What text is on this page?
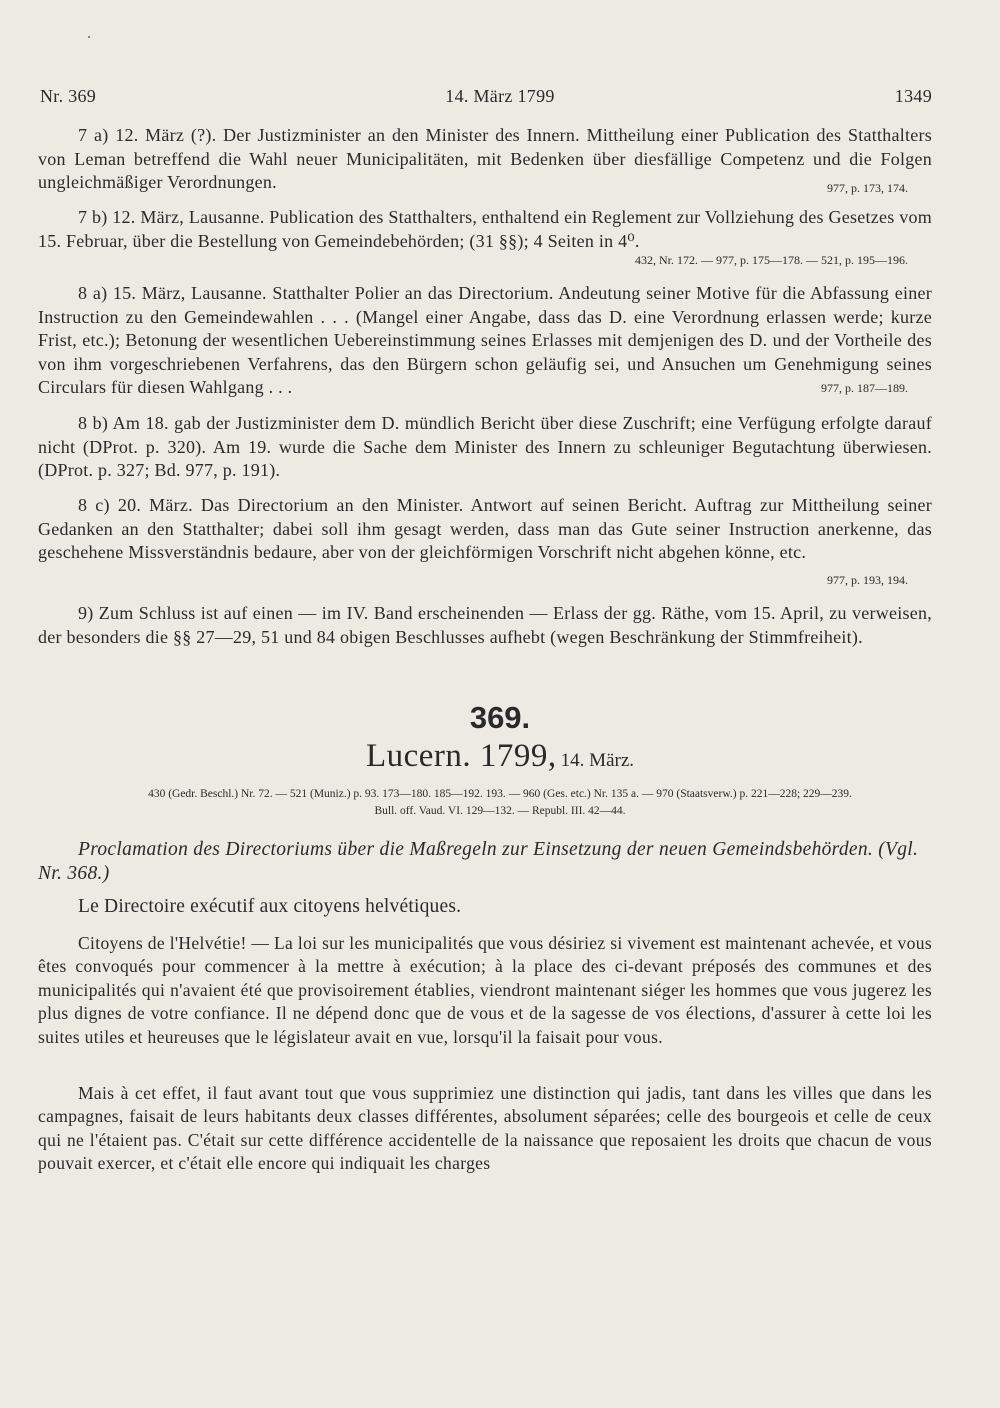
Nr. 369	14. März 1799	1349
7 a) 12. März (?). Der Justizminister an den Minister des Innern. Mittheilung einer Publication des Statthalters von Leman betreffend die Wahl neuer Municipalitäten, mit Bedenken über diesfällige Competenz und die Folgen ungleichmäßiger Verordnungen.	977, p. 173, 174.
7 b) 12. März, Lausanne. Publication des Statthalters, enthaltend ein Reglement zur Vollziehung des Gesetzes vom 15. Februar, über die Bestellung von Gemeindebehörden; (31 §§); 4 Seiten in 4⁰.
432, Nr. 172. — 977, p. 175—178. — 521, p. 195—196.
8 a) 15. März, Lausanne. Statthalter Polier an das Directorium. Andeutung seiner Motive für die Abfassung einer Instruction zu den Gemeindewahlen . . . (Mangel einer Angabe, dass das D. eine Verordnung erlassen werde; kurze Frist, etc.); Betonung der wesentlichen Uebereinstimmung seines Erlasses mit demjenigen des D. und der Vortheile des von ihm vorgeschriebenen Verfahrens, das den Bürgern schon geläufig sei, und Ansuchen um Genehmigung seines Circulars für diesen Wahlgang . . .	977, p. 187—189.
8 b) Am 18. gab der Justizminister dem D. mündlich Bericht über diese Zuschrift; eine Verfügung erfolgte darauf nicht (DProt. p. 320). Am 19. wurde die Sache dem Minister des Innern zu schleuniger Begutachtung überwiesen. (DProt. p. 327; Bd. 977, p. 191).
8 c) 20. März. Das Directorium an den Minister. Antwort auf seinen Bericht. Auftrag zur Mittheilung seiner Gedanken an den Statthalter; dabei soll ihm gesagt werden, dass man das Gute seiner Instruction anerkenne, das geschehene Missverständnis bedaure, aber von der gleichförmigen Vorschrift nicht abgehen könne, etc.
977, p. 193, 194.
9) Zum Schluss ist auf einen — im IV. Band erscheinenden — Erlass der gg. Räthe, vom 15. April, zu verweisen, der besonders die §§ 27—29, 51 und 84 obigen Beschlusses aufhebt (wegen Beschränkung der Stimmfreiheit).
369.
Lucern. 1799, 14. März.
430 (Gedr. Beschl.) Nr. 72. — 521 (Muniz.) p. 93. 173—180. 185—192. 193. — 960 (Ges. etc.) Nr. 135 a. — 970 (Staatsverw.) p. 221—228; 229—239.
Bull. off. Vaud. VI. 129—132. — Republ. III. 42—44.
Proclamation des Directoriums über die Maßregeln zur Einsetzung der neuen Gemeindsbehörden. (Vgl. Nr. 368.)
Le Directoire exécutif aux citoyens helvétiques.
Citoyens de l'Helvétie! — La loi sur les municipalités que vous désiriez si vivement est maintenant achevée, et vous êtes convoqués pour commencer à la mettre à exécution; à la place des ci-devant préposés des communes et des municipalités qui n'avaient été que provisoirement établies, viendront maintenant siéger les hommes que vous jugerez les plus dignes de votre confiance. Il ne dépend donc que de vous et de la sagesse de vos élections, d'assurer à cette loi les suites utiles et heureuses que le législateur avait en vue, lorsqu'il la faisait pour vous.
Mais à cet effet, il faut avant tout que vous supprimiez une distinction qui jadis, tant dans les villes que dans les campagnes, faisait de leurs habitants deux classes différentes, absolument séparées; celle des bourgeois et celle de ceux qui ne l'étaient pas. C'était sur cette différence accidentelle de la naissance que reposaient les droits que chacun de vous pouvait exercer, et c'était elle encore qui indiquait les charges
